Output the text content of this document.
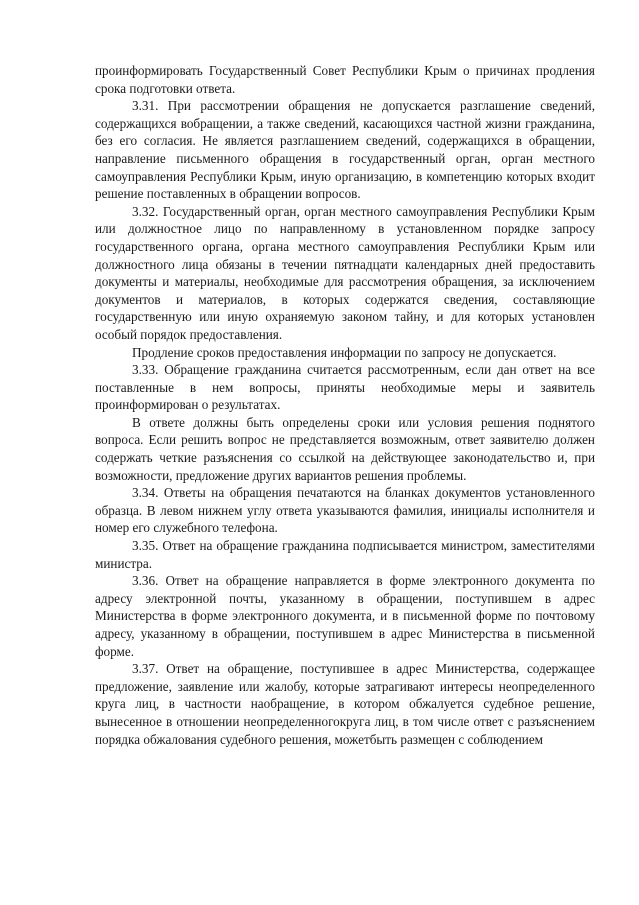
проинформировать Государственный Совет Республики Крым о причинах продления срока подготовки ответа.

3.31. При рассмотрении обращения не допускается разглашение сведений, содержащихся вобращении, а также сведений, касающихся частной жизни гражданина, без его согласия. Не является разглашением сведений, содержащихся в обращении, направление письменного обращения в государственный орган, орган местного самоуправления Республики Крым, иную организацию, в компетенцию которых входит решение поставленных в обращении вопросов.

3.32. Государственный орган, орган местного самоуправления Республики Крым или должностное лицо по направленному в установленном порядке запросу государственного органа, органа местного самоуправления Республики Крым или должностного лица обязаны в течении пятнадцати календарных дней предоставить документы и материалы, необходимые для рассмотрения обращения, за исключением документов и материалов, в которых содержатся сведения, составляющие государственную или иную охраняемую законом тайну, и для которых установлен особый порядок предоставления.

Продление сроков предоставления информации по запросу не допускается.

3.33. Обращение гражданина считается рассмотренным, если дан ответ на все поставленные в нем вопросы, приняты необходимые меры и заявитель проинформирован о результатах.

В ответе должны быть определены сроки или условия решения поднятого вопроса. Если решить вопрос не представляется возможным, ответ заявителю должен содержать четкие разъяснения со ссылкой на действующее законодательство и, при возможности, предложение других вариантов решения проблемы.

3.34. Ответы на обращения печатаются на бланках документов установленного образца. В левом нижнем углу ответа указываются фамилия, инициалы исполнителя и номер его служебного телефона.

3.35. Ответ на обращение гражданина подписывается министром, заместителями министра.

3.36. Ответ на обращение направляется в форме электронного документа по адресу электронной почты, указанному в обращении, поступившем в адрес Министерства в форме электронного документа, и в письменной форме по почтовому адресу, указанному в обращении, поступившем в адрес Министерства в письменной форме.

3.37. Ответ на обращение, поступившее в адрес Министерства, содержащее предложение, заявление или жалобу, которые затрагивают интересы неопределенного круга лиц, в частности наобращение, в котором обжалуется судебное решение, вынесенное в отношении неопределенногокруга лиц, в том числе ответ с разъяснением порядка обжалования судебного решения, можетбыть размещен с соблюдением
